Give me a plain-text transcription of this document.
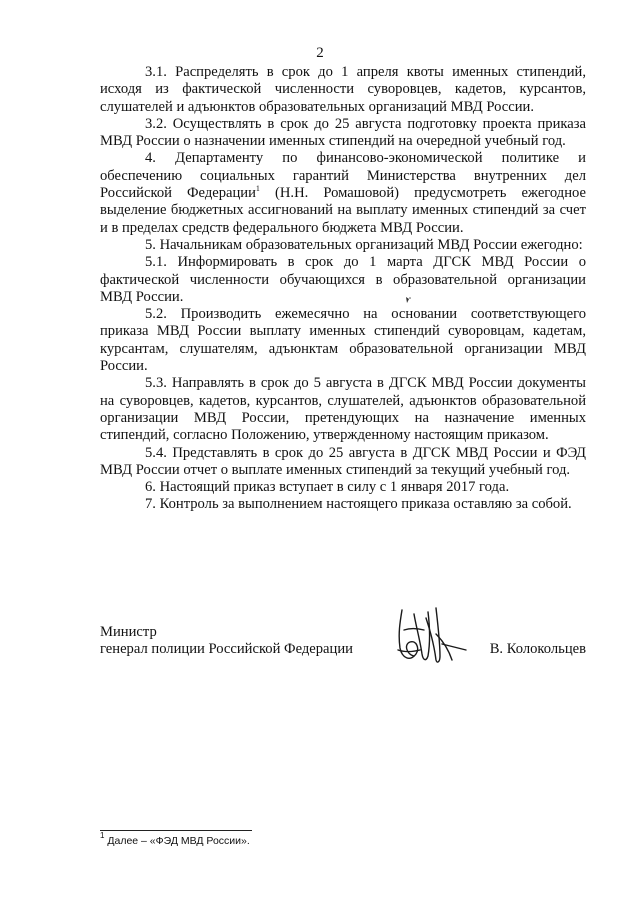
2

3.1. Распределять в срок до 1 апреля квоты именных стипендий, исходя из фактической численности суворовцев, кадетов, курсантов, слушателей и адъюнктов образовательных организаций МВД России.

3.2. Осуществлять в срок до 25 августа подготовку проекта приказа МВД России о назначении именных стипендий на очередной учебный год.

4. Департаменту по финансово-экономической политике и обеспечению социальных гарантий Министерства внутренних дел Российской Федерации$^1$ (Н.Н. Ромашовой) предусмотреть ежегодное выделение бюджетных ассигнований на выплату именных стипендий за счет и в пределах средств федерального бюджета МВД России.

5. Начальникам образовательных организаций МВД России ежегодно:

5.1. Информировать в срок до 1 марта ДГСК МВД России о фактической численности обучающихся в образовательной организации МВД России.

5.2. Производить ежемесячно на основании соответствующего приказа МВД России выплату именных стипендий суворовцам, кадетам, курсантам, слушателям, адъюнктам образовательной организации МВД России.

5.3. Направлять в срок до 5 августа в ДГСК МВД России документы на суворовцев, кадетов, курсантов, слушателей, адъюнктов образовательной организации МВД России, претендующих на назначение именных стипендий, согласно Положению, утвержденному настоящим приказом.

5.4. Представлять в срок до 25 августа в ДГСК МВД России и ФЭД МВД России отчет о выплате именных стипендий за текущий учебный год.

6. Настоящий приказ вступает в силу с 1 января 2017 года.

7. Контроль за выполнением настоящего приказа оставляю за собой.

Министр
генерал полиции Российской Федерации	В. Колокольцев
$^1$ Далее – «ФЭД МВД России».
